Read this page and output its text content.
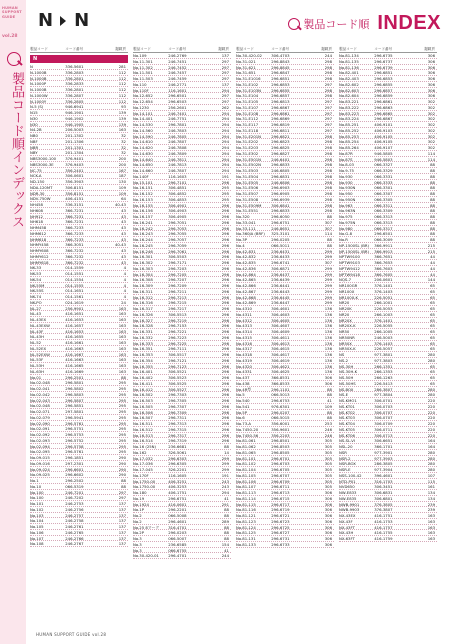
HUMAN SUPPORT GUIDE
vol.28
製品コード順インデックス
N N	製品コード順 INDEX
製品コード	コード番号	掲載頁
N
N	336-5601	281
N-1000B	336-2803	112
N-1000B	336-2801	112
N-1000P	336-2833	112
N-1000B	336-2801	112
N-1000W	336-2807	112
N-1000Y	336-2805	112
N-5 (S)	946-6941	93
N15	946-1901	139
N30	946-1902	139
N30	946-1905	139
N4-2B	206-5003	163
NB0	201-1302	32
NBF	201-1306	32
NBR	201-1301	32
NBY	201-1304	32
NBS3000-100	376-9401	200
NBS3000-3E	376-9403	200
NC-75	356-2401	167
NCK-A	306-0601	187
ND-150	356-3903	130
NDA-120MT	306-8151	109
NDR-30	356-8151	109
NDV-750W	406-4151	64
NH458	336-3151	40-43
NH608	366-7231	43
NH912	366-7231	43
NH618	366-7231	43
NHM458	366-7233	43
NHM612	366-7233	43
NHM618	366-7233	43
NHMY458	366-3051	40-43
NHMY608	366-7232	43
NHMY612	366-7232	43
NHMY618	366-7232	43
NK-33	014-1559	4
NK-53	014-1551	4
NK-54	014-1554	4
NK-55M	014-1555	4
NK-55S	014-1651	4
NK-74	014-1561	4
NK-PO	024-1619	24
NL-27	256-9901	163
NL-43	416-1651	163
NL-43EX	416-1653	163
NL-43EXW	416-1657	163
NL-43F	416-1653	163
NL-43H	416-1655	163
NL-52	416-1661	163
NL-52EX	416-1663	163
NL-52EXW	416-1667	163
NL-53F	416-1663	163
NL-53H	416-1665	163
NL-63H	416-1669	163
No.01	296-2501	88
No.02-048	296-5801	295
No.02-041	296-5802	295
No.02-042	296-5803	295
No.02-043	296-5807	295
No.02-048	296-5851	295
No.02-071	297-5801	295
No.02-079	296-5941	295
No.02-090	296-5761	295
No.02-091	296-5751	295
No.02-092	296-5753	295
No.02-093	296-5752	295
No.02-094	296-5758	295
No.02-095	296-5761	295
No.09-015	296-1851	290
No.09-016	297-2301	290
No.09-024	296-6601	290
No.09-025	296-6602	290
No.1	296-2502	88
No.10	066-5319	88
No.100	246-7201	297
No.100	246-7202	297
No.101	246-2753	137
No.102	246-2756	137
No.103	246-2757	137
No.104	246-2758	137
No.105	246-2761	137
No.106	246-2765	137
No.107	246-2766	137
No.108	246-2767	137
製品コード	コード番号	掲載頁
No.109	246-2769	137
No.11-301	246-7451	297
No.11-302	246-7452	297
No.11-501	246-7457	297
No.11-503	246-7459	297
No.110	246-2771	137
No.110F	116-1601	294
No.12-652	296-6501	297
No.12-654	296-6503	297
No.1230	256-2601	262
No.14-101	246-7401	294
No.14-401	246-7751	294
No.14-530	296-7801	294
No.14-560	246-7803	294
No.14-590	246-7805	294
No.14-610	246-7807	294
No.14-620	246-7808	294
No.14-630	246-7809	294
No.14-640	246-7811	294
No.14-650	246-7813	294
No.14-660	246-7807	294
No.140F	116-1603	191
No.15-101	296-7101	296
No.16-151	306-4851	295
No.16-152	306-4852	295
No.16-153	306-4853	295
No.16-155	306-4901	296
No.16-156	306-4903	296
No.16-157	306-4905	296
No.16-241	296-7051	296
No.16-242	296-7053	296
No.16-243	296-7055	296
No.16-244	296-7057	296
No.16-245	296-7059	296
No.16-246	296-7061	296
No.16-301	306-5503	296
No.16-302	296-7171	296
No.16-303	296-7203	296
No.16-304	296-7205	296
No.16-308	296-7207	296
No.16-309	296-7209	296
No.16-311	296-7211	296
No.16-312	296-7213	296
No.16-316	296-7215	296
No.16-317	296-7217	296
No.16-326	306-5513	296
No.16-327	296-7219	296
No.16-328	296-7153	296
No.16-331	296-7221	296
No.16-332	296-7223	296
No.16-333	296-7225	296
No.16-351	296-7111	296
No.16-353	306-5517	296
No.16-354	296-7121	296
No.16-355	296-7123	296
No.16-401	306-5521	296
No.16-402	306-5523	296
No.16-411	306-5525	296
No.16-412	306-5527	296
No.16-502	296-7303	296
No.16-503	296-7305	296
No.16-505	296-7307	296
No.16-506	296-7309	296
No.16-507	296-7311	296
No.16-511	296-7313	296
No.16-512	296-7315	296
No.16-513	296-7317	296
No.16-514	296-7319	296
No.16 (25N)	236-6681	88
No.162	326-5061	14
No.17-032	296-6303	299
No.17-036	296-6305	299
No.17-045	326-2201	299
No.170F	116-1605	191
No.1750-00	406-3251	243
No.1750-00	406-3253	243
No.180	406-1751	294
No.19	296-6751	41
No.1924	416-0601	291
No.1P	296-2201	88
No.2	066-5008	88
No.2	296-4601	289
No.25 8マーク	316-4701	88
No.2P	296-0203	88
No.3	066-5007	88
No.3	236-6585	154
No.3	066-6755	41
No.30-420-01	296-4701	244
製品コード	コード番号	掲載頁
No.30-420-02	306-4703	244
No.31-021	296-8843	298
No.31-621	296-8845	298
No.31-651	296-6847	298
No.31-E1016	296-6851	298
No.31-E102	296-6853	297
No.31-E103N	296-6855	298
No.31-E104	296-6857	298
No.31-E105	296-6813	297
No.31-E107	296-6867	297
No.31-E108	296-6861	297
No.31-E112	296-6869	297
No.31-E117	296-6819	297
No.31-E118	296-6811	297
No.31-E201N	296-6821	298
No.31-E202	296-6823	298
No.31-E203	296-6825	298
No.31-E302	296-6827	298
No.31-E501N	246-6401	298
No.31-E502N	296-6833	298
No.31-E503	246-6805	298
No.31-E504	296-6831	298
No.31-E505	246-6806	298
No.31-E506	296-6903	298
No.31-E507	296-6905	298
No.31-E508	296-6939	298
No.31-E509M	306-6841	298
No.31-E551	296-6833	298
No.320	296-6050	88
No.33-041	296-6751	307
No.33-111	246-8651	307
No.360JA (BRF)	325-3101	114
No.3P	296-0205	88
No.4	066-5011	88
No.42-831	236-6431	299
No.42-832	236-6433	299
No.42-835	296-6741	307
No.42-836	306-6871	299
No.42-864	236-6437	299
No.42-865	236-6439	299
No.42-866	236-6441	299
No.42-867	236-6443	299
No.42-868	236-6445	299
No.42-869	236-6447	299
No.4310	306-4601	136
No.4311	306-4603	136
No.4312	306-4605	136
No.4313	306-4607	136
No.4314	306-4609	136
No.4315	306-4611	136
No.4316	306-4613	136
No.4317	306-4615	136
No.4318	306-4617	136
No.4319	306-4619	136
No.4320	306-4621	136
No.4331	306-4625	136
No.437	366-8531	306
No.438	366-8533	306
No.4R型	296-1101	88
No.5	066-5013	88
No.540	296-6753	41
No.541	976-6301	109
No.5P	296-0207	88
No.6	066-5015	88
No.73-A	356-6001	253
No.7450-20	356-9601	246
No.7450-56	356-2203	246
No.81-061	296-8501	305
No.81-062	296-8503	305
No.81-065	296-8505	305
No.81-101	296-6701	305
No.81-102	296-6703	305
No.81-104	296-6705	305
No.81-105	296-6707	305
No.81-106	296-6709	305
No.81-107	296-6711	305
No.81-113	296-6713	306
No.81-114	296-6715	306
No.81-115	296-6717	306
No.81-116	296-6719	306
No.81-121	296-6721	306
No.81-123	296-6723	306
No.81-124	296-6725	306
No.81-125	296-6727	306
No.81-131	296-6731	306
No.81-133	296-6733	306
製品コード	コード番号	掲載頁
No.81-134	296-6735	306
No.81-135	296-6737	306
No.81-136	296-6739	306
No.82-401	296-6851	306
No.82-403	296-6853	306
No.82-602	296-6855	306
No.82-603	296-6857	306
No.82-604	296-6859	306
No.83-221	296-6861	302
No.83-222	296-6863	302
No.83-223	296-6865	302
No.83-224	296-6867	302
No.85-251	406-9101	302
No.85-252	406-9103	302
No.85-253	406-9105	302
No.85-254	406-9105	302
No.85-264	406-9107	302
No.87R	946-5805	114
No.87S	946-5803	114
No.8-03	066-3327	88
No.9-75	066-3329	88
No.930	066-3331	88
No.930	066-3333	88
No.930N	066-3301	88
No.950	066-3307	88
No.950N	066-3305	88
No.963	066-3311	88
No.963N	066-3309	88
No.975	066-3313	88
No.975N	066-3313	88
No.980	066-3317	88
No.G-8	296-6501	88
No.R	066-3009	88
NP-1500SL (BR)	366-9911	215
NP-1500SL (BR)	366-9913	215
NPTW9100	366-7651	44
NPTW9103	366-7653	44
NPTW9412	366-7603	44
NPTW9418	366-7605	44
NQS-7	206-0601	144
NR100GR	376-1401	65
NR100X	376-1403	65
NR100X-K	226-5051	65
NR20	266-1001	65
NR20K	226-5053	65
NR20	266-1003	65
NR20X	376-1401	65
NR20X-K	226-5055	65
NR50	266-1005	65
NR50NR	246-5003	65
NR50X	376-1403	65
NR50X-K	226-5057	65
NS	977-3801	280
NS-2	977-3803	280
NS-30H	266-1351	65
NS-30H-K	266-1353	65
NS-50H	266-1263	65
NS-50HS	226-5413	65
NS-BOX	286-3807	280
NS-E	977-3804	280
NS-KMO1	306-0701	220
NS-KT01	306-0703	220
NS-KT02	306-0707	220
NS-KT03	306-0707	220
NS-KT04	306-0709	220
NS-KT05	306-0711	220
NS-KT06	306-0713	220
NS-SL-VI	306-6651	164
NSL-20	366-1701	164
NSR	977-3901	280
NSR-2	977-3903	280
NSR-BOX	286-3805	280
NSR-E	977-3904	280
NSS-100-42	396-4601	107
NTD-P01	316-1703	115
NVD650	306-3451	161
NW-E833	306-6831	134
NW-E835	306-6801	134
NWB-9901	376-3805	239
NWB-9903	376-3807	239
NX-43EX	416-1751	163
NX-43F	416-1753	163
NX-43FT	416-1757	163
NX-43H	416-1755	163
NX-63FT	416-1759	163
HUMAN SUPPORT GUIDE vol.28
